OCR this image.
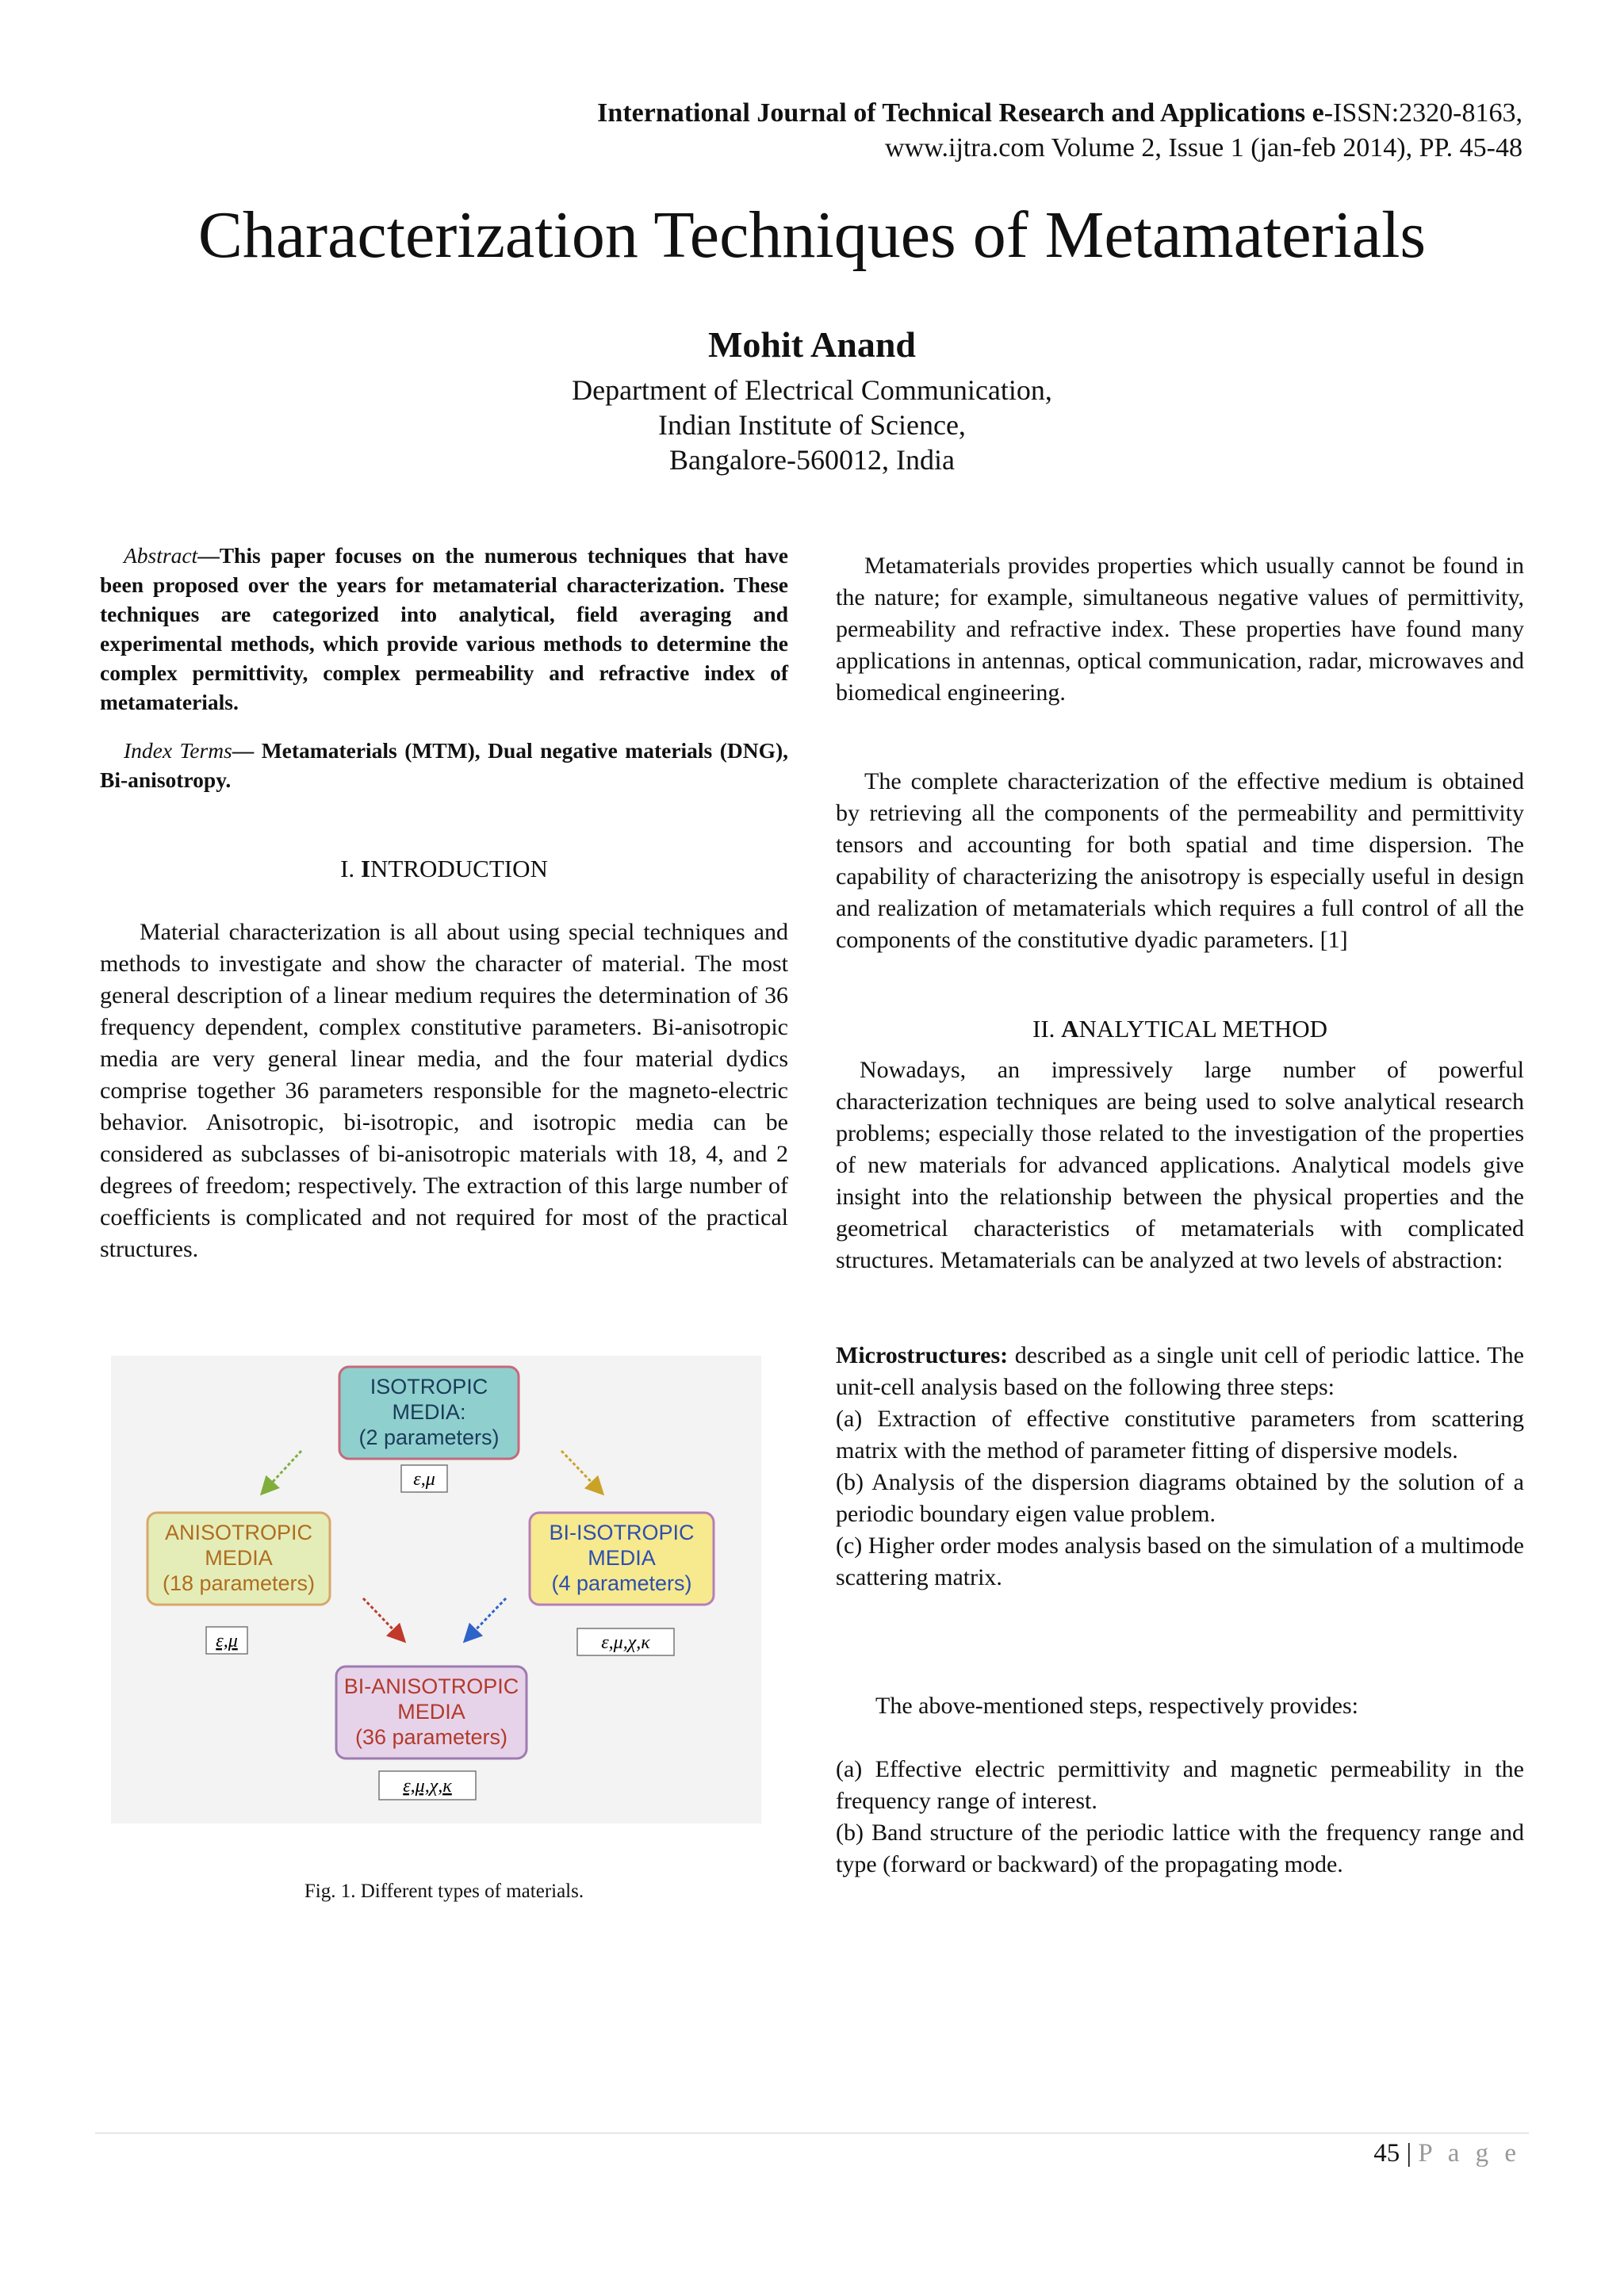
International Journal of Technical Research and Applications e-ISSN:2320-8163,
www.ijtra.com Volume 2, Issue 1 (jan-feb 2014), PP. 45-48
Characterization Techniques of Metamaterials
Mohit Anand
Department of Electrical Communication,
Indian Institute of Science,
Bangalore-560012, India
Abstract—This paper focuses on the numerous techniques that have been proposed over the years for metamaterial characterization. These techniques are categorized into analytical, field averaging and experimental methods, which provide various methods to determine the complex permittivity, complex permeability and refractive index of metamaterials.
Index Terms— Metamaterials (MTM), Dual negative materials (DNG), Bi-anisotropy.
I. INTRODUCTION
Material characterization is all about using special techniques and methods to investigate and show the character of material. The most general description of a linear medium requires the determination of 36 frequency dependent, complex constitutive parameters. Bi-anisotropic media are very general linear media, and the four material dydics comprise together 36 parameters responsible for the magneto-electric behavior. Anisotropic, bi-isotropic, and isotropic media can be considered as subclasses of bi-anisotropic materials with 18, 4, and 2 degrees of freedom; respectively. The extraction of this large number of coefficients is complicated and not required for most of the practical structures.
ISOTROPIC
MEDIA:
(2 parameters)
ε,μ
ANISOTROPIC
MEDIA
(18 parameters)
ε,μ
BI-ISOTROPIC
MEDIA
(4 parameters)
ε,μ,χ,κ
BI-ANISOTROPIC
MEDIA
(36 parameters)
ε,μ,χ,κ
Fig. 1. Different types of materials.
Metamaterials provides properties which usually cannot be found in the nature; for example, simultaneous negative values of permittivity, permeability and refractive index. These properties have found many applications in antennas, optical communication, radar, microwaves and biomedical engineering.
The complete characterization of the effective medium is obtained by retrieving all the components of the permeability and permittivity tensors and accounting for both spatial and time dispersion. The capability of characterizing the anisotropy is especially useful in design and realization of metamaterials which requires a full control of all the components of the constitutive dyadic parameters. [1]
II. ANALYTICAL METHOD
Nowadays, an impressively large number of powerful characterization techniques are being used to solve analytical research problems; especially those related to the investigation of the properties of new materials for advanced applications. Analytical models give insight into the relationship between the physical properties and the geometrical characteristics of metamaterials with complicated structures. Metamaterials can be analyzed at two levels of abstraction:

Microstructures: described as a single unit cell of periodic lattice. The unit-cell analysis based on the following three steps:

(a) Extraction of effective constitutive parameters from scattering matrix with the method of parameter fitting of dispersive models.

(b) Analysis of the dispersion diagrams obtained by the solution of a periodic boundary eigen value problem.

(c) Higher order modes analysis based on the simulation of a multimode scattering matrix.

The above-mentioned steps, respectively provides:

(a) Effective electric permittivity and magnetic permeability in the frequency range of interest.

(b) Band structure of the periodic lattice with the frequency range and type (forward or backward) of the propagating mode.

45 | P a g e
